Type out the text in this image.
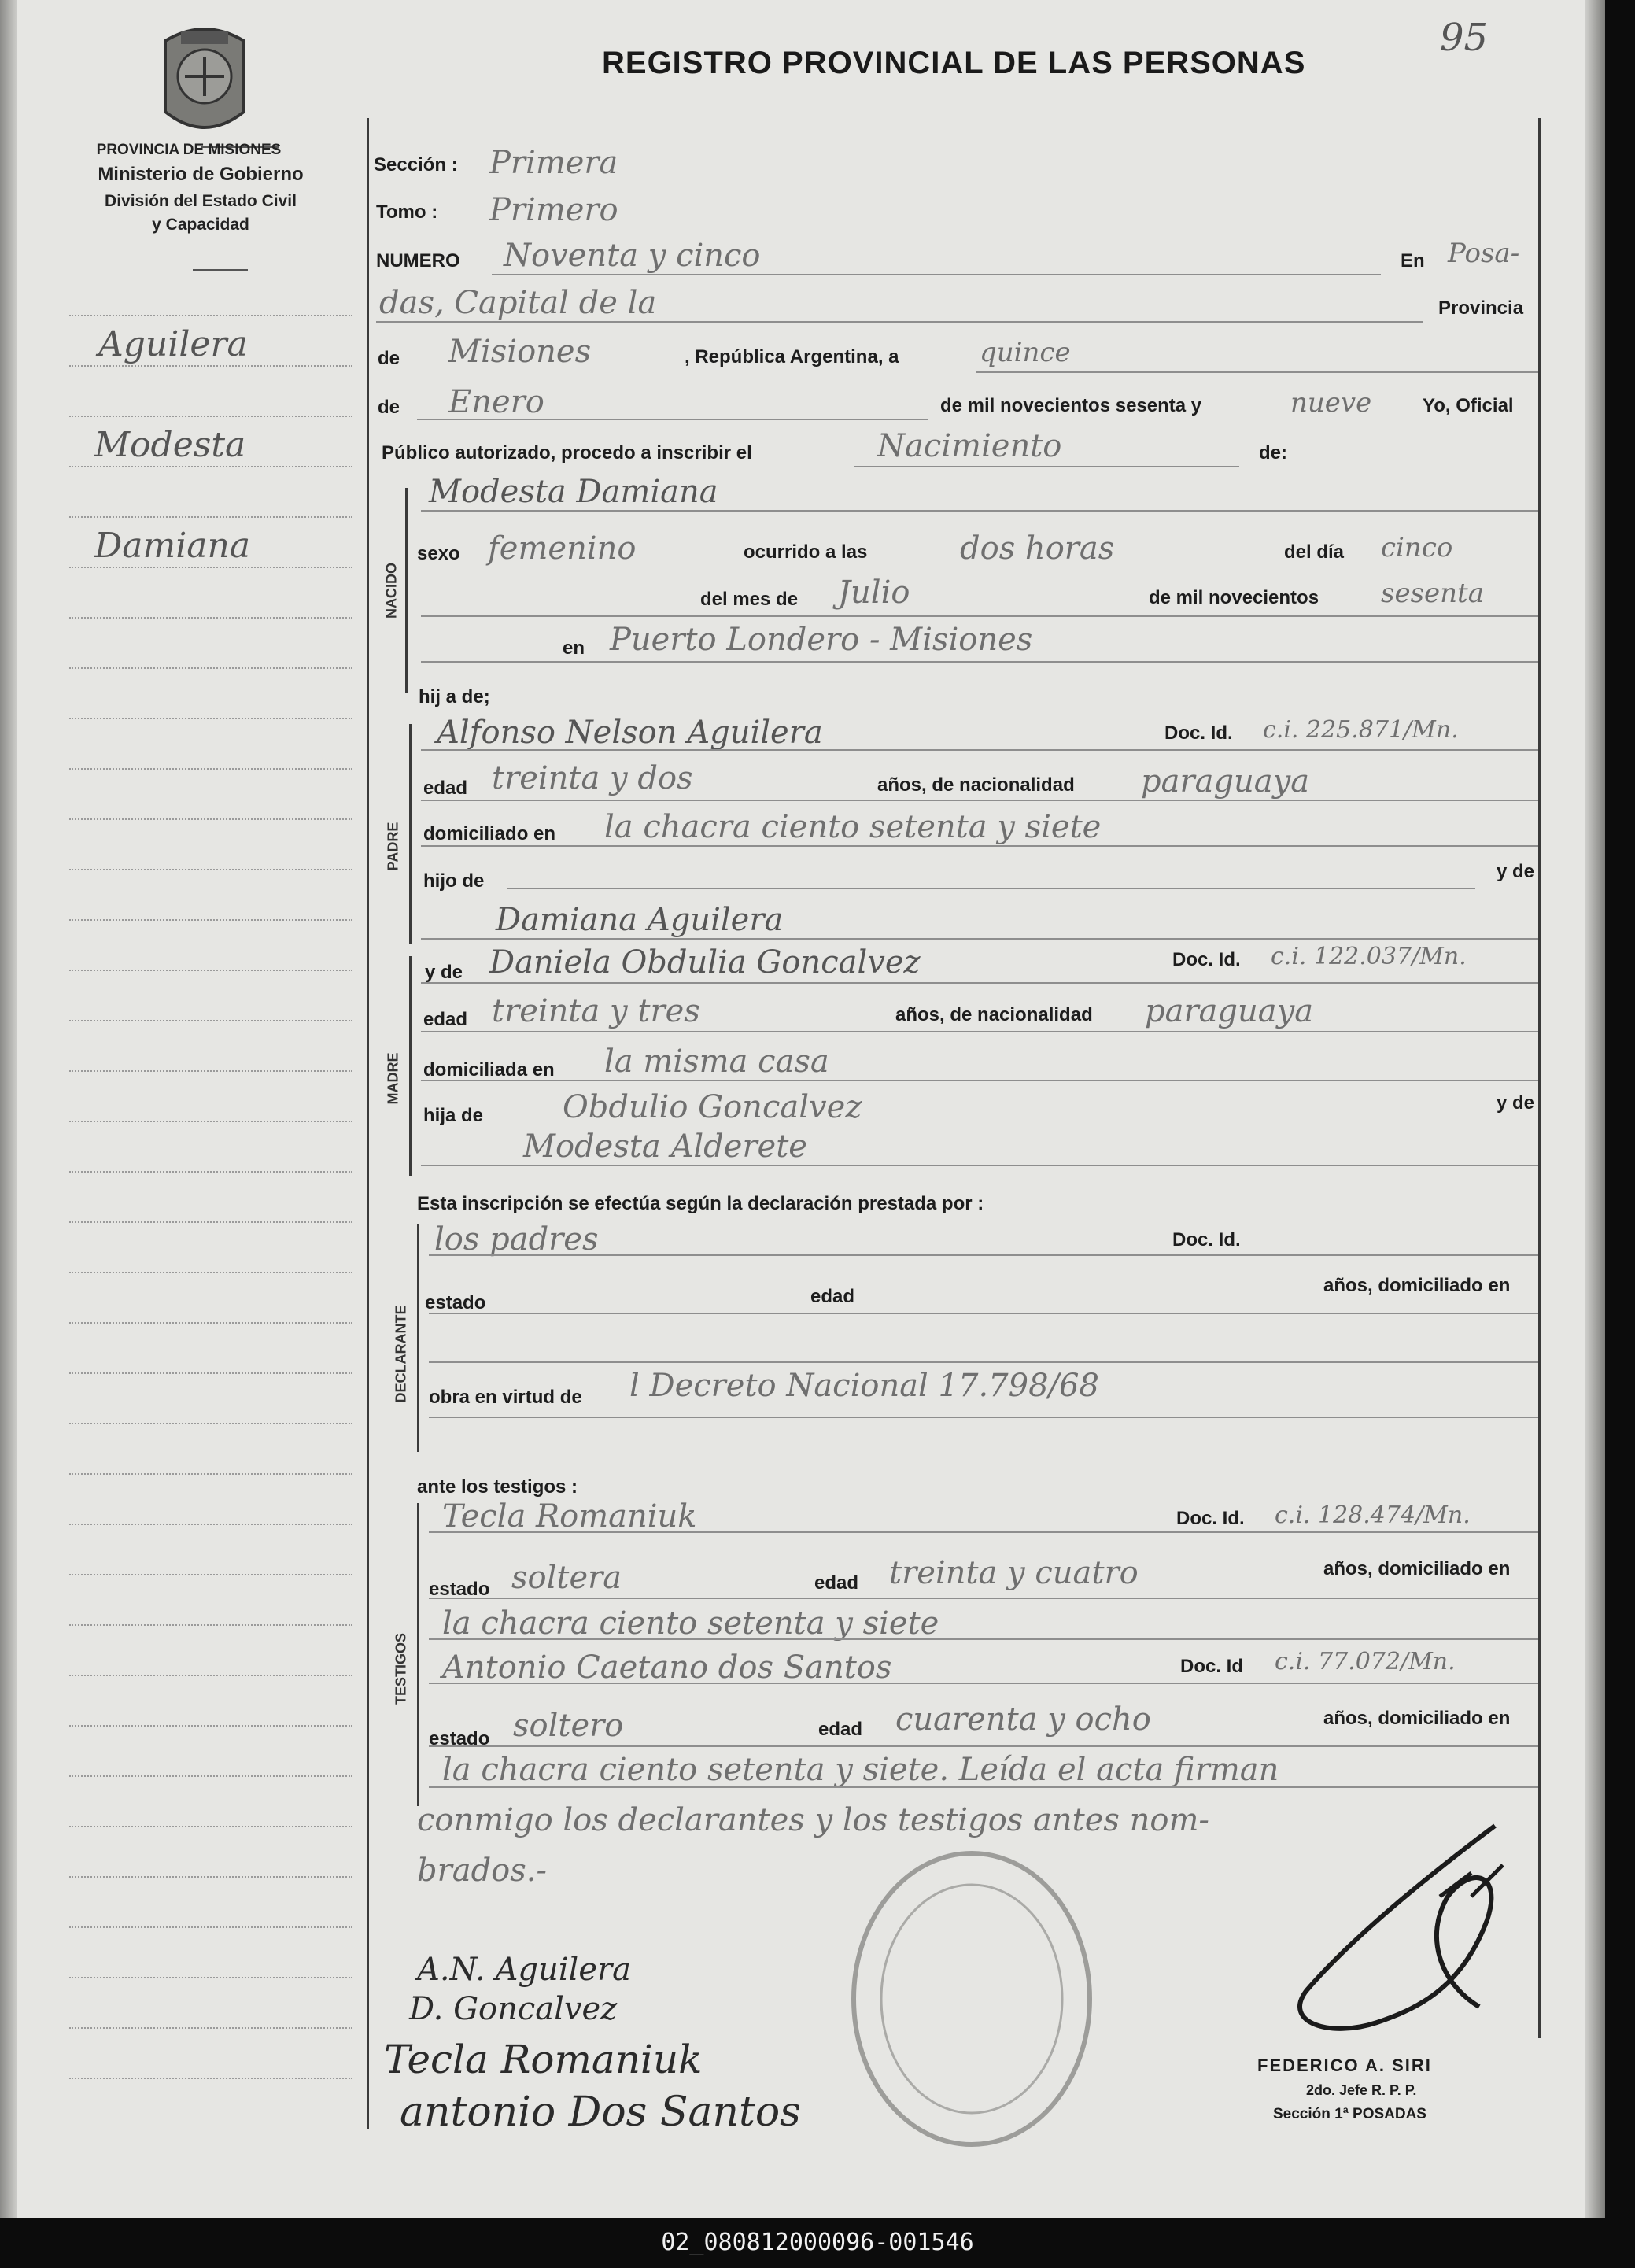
REGISTRO PROVINCIAL DE LAS PERSONAS
95
PROVINCIA DE MISIONES
Ministerio de Gobierno
División del Estado Civil
y Capacidad
Aguilera
Modesta
Damiana
Sección : Primera
Tomo : Primero
NUMERO Noventa y cinco	En Posa-
das, Capital de la	Provincia
de Misiones	, República Argentina, a	quince
de Enero	de mil novecientos sesenta y	nueve	Yo, Oficial
Público autorizado, procedo a inscribir el	Nacimiento	de:
NACIDO
Modesta Damiana
sexo femenino	ocurrido a las	dos horas	del día cinco
del mes de Julio	de mil novecientos sesenta
en Puerto Londero - Misiones
hij a de;
PADRE
Alfonso Nelson Aguilera	Doc. Id. c.i. 225.871/Mn.
edad treinta y dos	años, de nacionalidad paraguaya
domiciliado en la chacra ciento setenta y siete
hijo de	y de
Damiana Aguilera
MADRE
y de Daniela Obdulia Goncalvez	Doc. Id. c.i. 122.037/Mn.
edad treinta y tres	años, de nacionalidad paraguaya
domiciliada en la misma casa
hija de	Obdulio Goncalvez	y de
Modesta Alderete
Esta inscripción se efectúa según la declaración prestada por :
DECLARANTE
los padres	Doc. Id.
estado	edad
años, domiciliado en
obra en virtud de l Decreto Nacional 17.798/68
ante los testigos :
TESTIGOS
Tecla Romaniuk	Doc. Id. c.i. 128.474/Mn.
estado soltera	edad treinta y cuatro	años, domiciliado en
la chacra ciento setenta y siete
Antonio Caetano dos Santos	Doc. Id c.i. 77.072/Mn.
estado soltero	edad cuarenta y ocho	años, domiciliado en
la chacra ciento setenta y siete. Leída el acta firman
conmigo los declarantes y los testigos antes nom-
brados.-
A.N. Aguilera
D. Goncalvez
Tecla Romaniuk
antonio Dos Santos
FEDERICO A. SIRI
2do. Jefe R. P. P.
Sección 1ª POSADAS
02_080812000096-001546
